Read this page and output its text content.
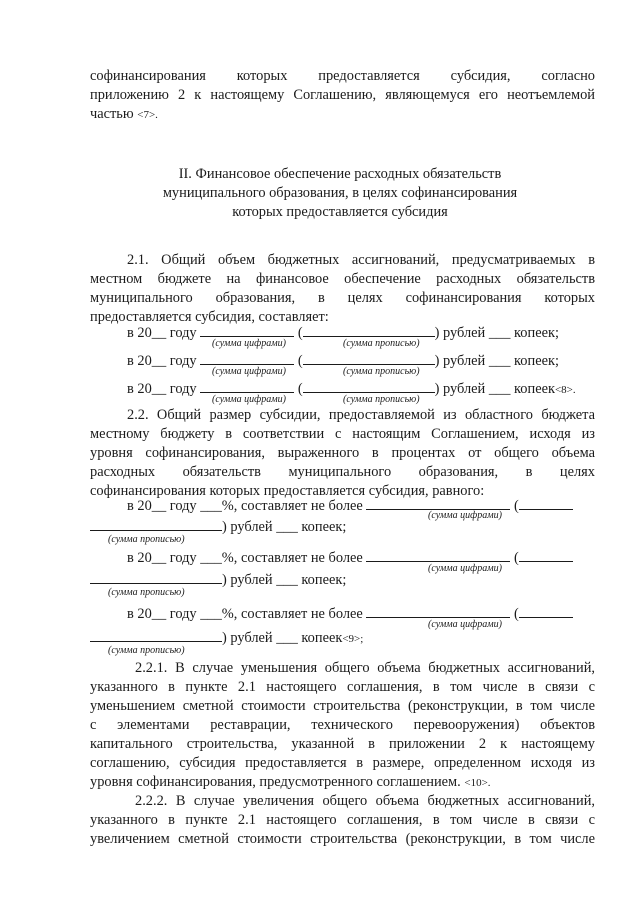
софинансирования которых предоставляется субсидия, согласно
приложению 2 к настоящему Соглашению, являющемуся его неотъемлемой
частью <7>.
II. Финансовое обеспечение расходных обязательств
муниципального образования, в целях софинансирования
которых предоставляется субсидия
2.1. Общий объем бюджетных ассигнований, предусматриваемых в
местном бюджете на финансовое обеспечение расходных обязательств
муниципального образования, в целях софинансирования которых
предоставляется субсидия, составляет:
в 20__ году	(	) рублей ___ копеек;
(сумма цифрами)	(сумма прописью)
в 20__ году	(	) рублей ___ копеек;
(сумма цифрами)	(сумма прописью)
в 20__ году	(	) рублей ___ копеек<8>.
(сумма цифрами)	(сумма прописью)
2.2. Общий размер субсидии, предоставляемой из областного бюджета
местному бюджету в соответствии с настоящим Соглашением, исходя из
уровня софинансирования, выраженного в процентах от общего объема
расходных обязательств муниципального образования, в целях
софинансирования которых предоставляется субсидия, равного:
в 20__ году ___%, составляет не более	(
(сумма цифрами)
) рублей ___ копеек;
(сумма прописью)
в 20__ году ___%, составляет не более	(
(сумма цифрами)
) рублей ___ копеек;
(сумма прописью)
в 20__ году ___%, составляет не более	(
(сумма цифрами)
) рублей ___ копеек<9>;
(сумма прописью)
2.2.1. В случае уменьшения общего объема бюджетных ассигнований,
указанного в пункте 2.1 настоящего соглашения, в том числе в связи с
уменьшением сметной стоимости строительства (реконструкции, в том числе
с элементами реставрации, технического перевооружения) объектов
капитального строительства, указанной в приложении 2 к настоящему
соглашению, субсидия предоставляется в размере, определенном исходя из
уровня софинансирования, предусмотренного соглашением. <10>.
2.2.2. В случае увеличения общего объема бюджетных ассигнований,
указанного в пункте 2.1 настоящего соглашения, в том числе в связи с
увеличением сметной стоимости строительства (реконструкции, в том числе
